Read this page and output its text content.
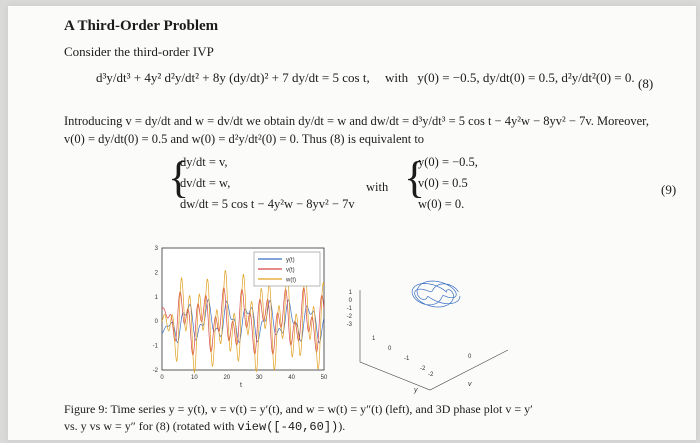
A Third-Order Problem
Consider the third-order IVP
d³y/dt³ + 4y² d²y/dt² + 8y (dy/dt)² + 7 dy/dt = 5 cos t, with y(0) = −0.5, dy/dt(0) = 0.5, d²y/dt²(0) = 0. (8)
Introducing v = dy/dt and w = dv/dt we obtain dy/dt = w and dw/dt = d³y/dt³ = 5 cos t − 4y²w − 8yv² − 7v. Moreover,
v(0) = dy/dt(0) = 0.5 and w(0) = d²y/dt²(0) = 0. Thus (8) is equivalent to
{
dy/dt = v,
dv/dt = w,
dw/dt = 5 cos t − 4y²w − 8yv² − 7v
with {
y(0) = −0.5,
v(0) = 0.5
w(0) = 0.
(9)
-2
-1
0
1
2
3
0	10	20	30	40	50
y(t)
v(t)
w(t)
t
1
0
-1
-2
-3
1
0
-1
-2
0
-2
y
v
Figure 9: Time series y = y(t), v = v(t) = y′(t), and w = w(t) = y″(t) (left), and 3D phase plot v = y′
vs. y vs w = y″ for (8) (rotated with view([-40,60])).
